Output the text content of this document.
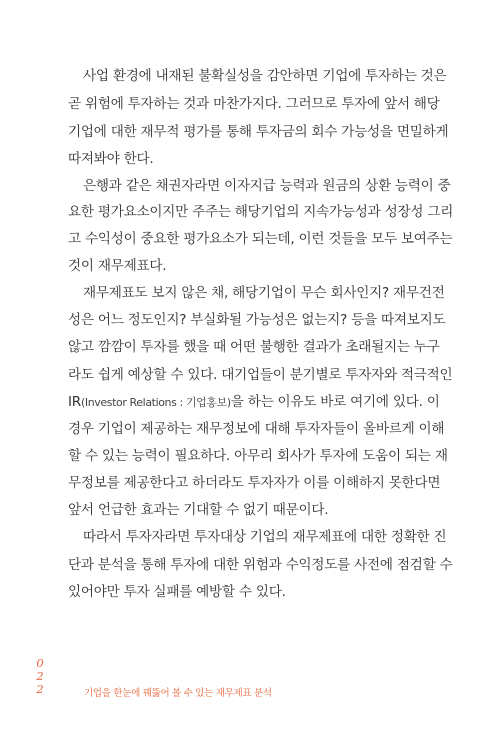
사업 환경에 내재된 불확실성을 감안하면 기업에 투자하는 것은
곧 위험에 투자하는 것과 마찬가지다. 그러므로 투자에 앞서 해당
기업에 대한 재무적 평가를 통해 투자금의 회수 가능성을 면밀하게
따져봐야 한다.
은행과 같은 채권자라면 이자지급 능력과 원금의 상환 능력이 중
요한 평가요소이지만 주주는 해당기업의 지속가능성과 성장성 그리
고 수익성이 중요한 평가요소가 되는데, 이런 것들을 모두 보여주는
것이 재무제표다.
재무제표도 보지 않은 채, 해당기업이 무슨 회사인지? 재무건전
성은 어느 정도인지? 부실화될 가능성은 없는지? 등을 따져보지도
않고 깜깜이 투자를 했을 때 어떤 불행한 결과가 초래될지는 누구
라도 쉽게 예상할 수 있다. 대기업들이 분기별로 투자자와 적극적인
IR(Investor Relations : 기업홍보)을 하는 이유도 바로 여기에 있다. 이
경우 기업이 제공하는 재무정보에 대해 투자자들이 올바르게 이해
할 수 있는 능력이 필요하다. 아무리 회사가 투자에 도움이 되는 재
무정보를 제공한다고 하더라도 투자자가 이를 이해하지 못한다면
앞서 언급한 효과는 기대할 수 없기 때문이다.
따라서 투자자라면 투자대상 기업의 재무제표에 대한 정확한 진
단과 분석을 통해 투자에 대한 위험과 수익정도를 사전에 점검할 수
있어야만 투자 실패를 예방할 수 있다.
0
2
2	기업을 한눈에 꿰뚫어 볼 수 있는 재무제표 분석
